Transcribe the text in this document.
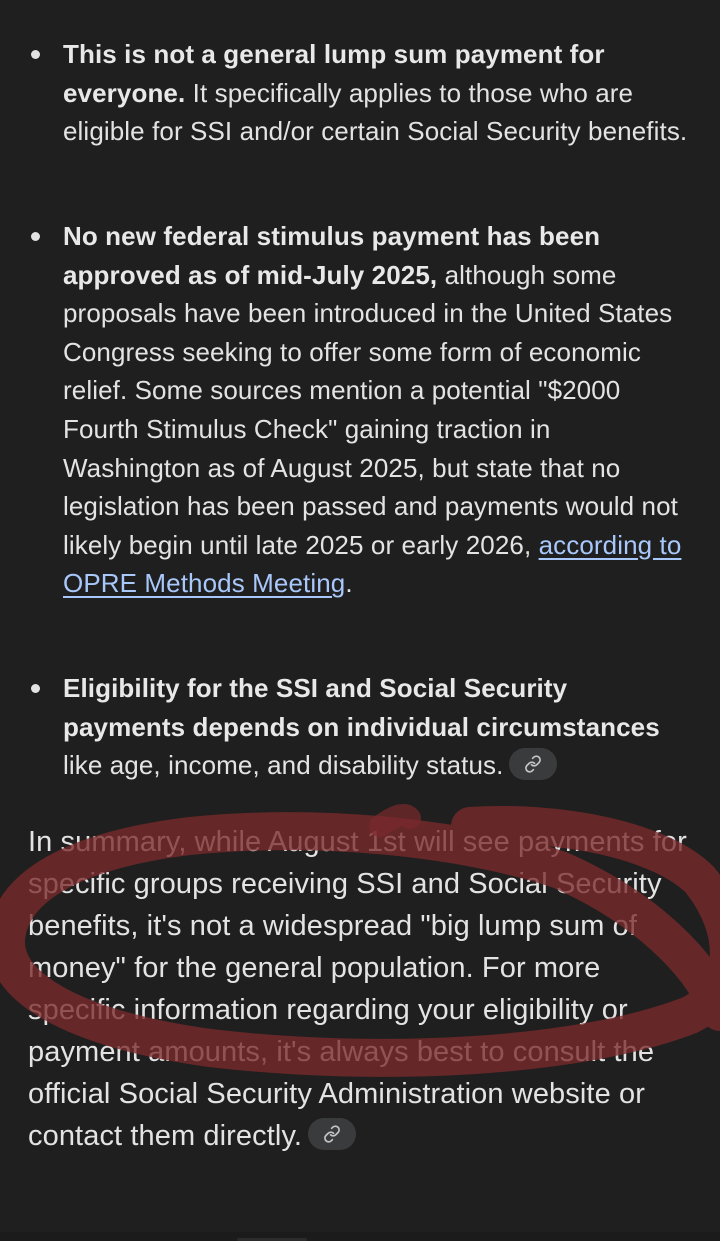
This is not a general lump sum payment for everyone. It specifically applies to those who are eligible for SSI and/or certain Social Security benefits.
No new federal stimulus payment has been approved as of mid-July 2025, although some proposals have been introduced in the United States Congress seeking to offer some form of economic relief. Some sources mention a potential "$2000 Fourth Stimulus Check" gaining traction in Washington as of August 2025, but state that no legislation has been passed and payments would not likely begin until late 2025 or early 2026, according to OPRE Methods Meeting.
Eligibility for the SSI and Social Security payments depends on individual circumstances like age, income, and disability status.

In summary, while August 1st will see payments for specific groups receiving SSI and Social Security benefits, it's not a widespread "big lump sum of money" for the general population. For more specific information regarding your eligibility or payment amounts, it's always best to consult the official Social Security Administration website or contact them directly.
